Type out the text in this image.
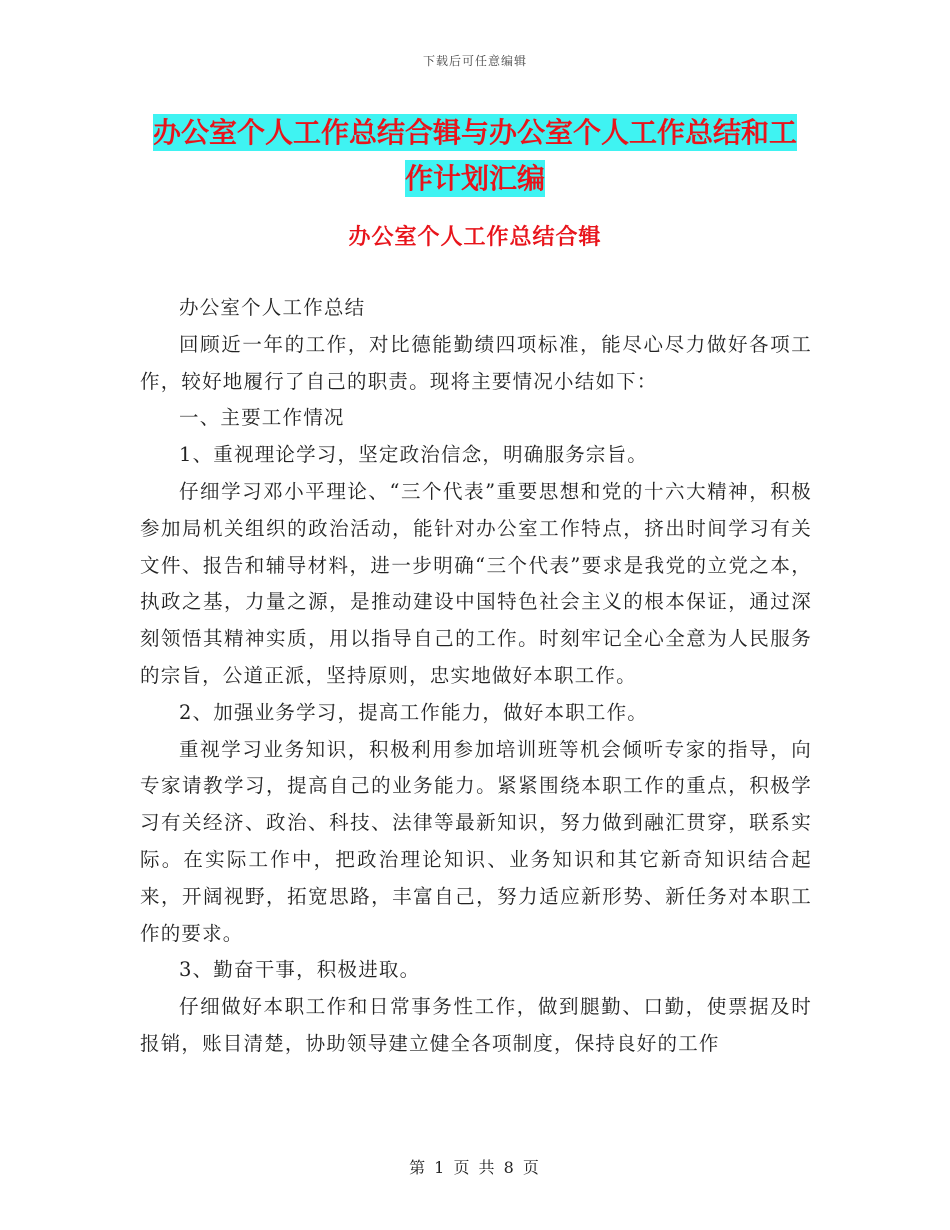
下载后可任意编辑
办公室个人工作总结合辑与办公室个人工作总结和工
作计划汇编
办公室个人工作总结合辑

办公室个人工作总结

回顾近一年的工作，对比德能勤绩四项标准，能尽心尽力做好各项工作，较好地履行了自己的职责。现将主要情况小结如下：

一、主要工作情况

1、重视理论学习，坚定政治信念，明确服务宗旨。

仔细学习邓小平理论、“三个代表”重要思想和党的十六大精神，积极参加局机关组织的政治活动，能针对办公室工作特点，挤出时间学习有关文件、报告和辅导材料，进一步明确“三个代表”要求是我党的立党之本，执政之基，力量之源，是推动建设中国特色社会主义的根本保证，通过深刻领悟其精神实质，用以指导自己的工作。时刻牢记全心全意为人民服务的宗旨，公道正派，坚持原则，忠实地做好本职工作。

2、加强业务学习，提高工作能力，做好本职工作。

重视学习业务知识，积极利用参加培训班等机会倾听专家的指导，向专家请教学习，提高自己的业务能力。紧紧围绕本职工作的重点，积极学习有关经济、政治、科技、法律等最新知识，努力做到融汇贯穿，联系实际。在实际工作中，把政治理论知识、业务知识和其它新奇知识结合起来，开阔视野，拓宽思路，丰富自己，努力适应新形势、新任务对本职工作的要求。

3、勤奋干事，积极进取。

仔细做好本职工作和日常事务性工作，做到腿勤、口勤，使票据及时报销，账目清楚，协助领导建立健全各项制度，保持良好的工作

第 1 页 共 8 页
